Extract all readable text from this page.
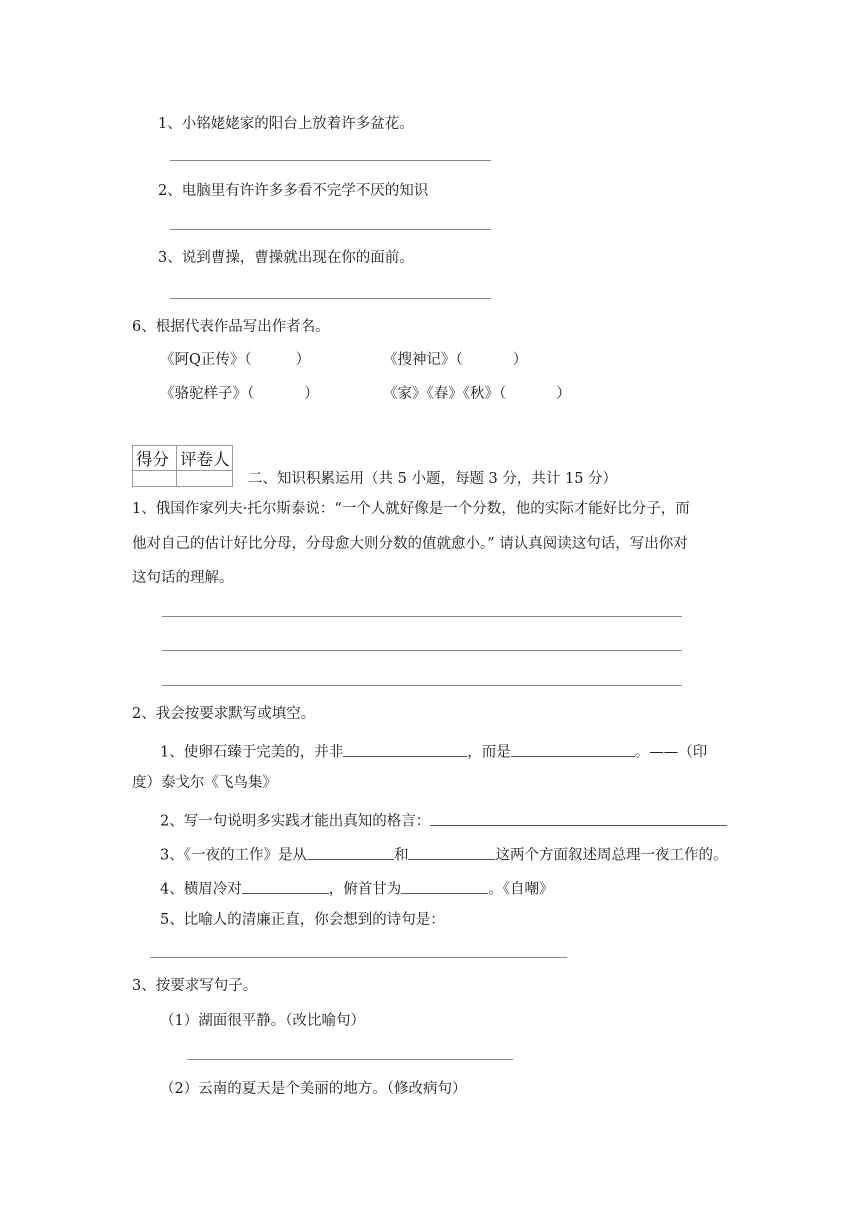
1、小铭姥姥家的阳台上放着许多盆花。
2、电脑里有许许多多看不完学不厌的知识
3、说到曹操，曹操就出现在你的面前。
6、根据代表作品写出作者名。
《阿Q正传》（	）	《搜神记》（	）
《骆驼样子》（	）	《家》《春》《秋》（	）
得分	评卷人

二、知识积累运用（共 5 小题，每题 3 分，共计 15 分）
1、俄国作家列夫·托尔斯泰说：“一个人就好像是一个分数，他的实际才能好比分子，而
他对自己的估计好比分母，分母愈大则分数的值就愈小。” 请认真阅读这句话，写出你对
这句话的理解。
2、我会按要求默写或填空。
1、使卵石臻于完美的，并非	，而是	。——（印
度）泰戈尔《飞鸟集》
2、写一句说明多实践才能出真知的格言：
3、《一夜的工作》是从	和	这两个方面叙述周总理一夜工作的。
4、横眉冷对	，俯首甘为	。《自嘲》
5、比喻人的清廉正直，你会想到的诗句是：
3、按要求写句子。
（1）湖面很平静。（改比喻句）
（2）云南的夏天是个美丽的地方。（修改病句）
